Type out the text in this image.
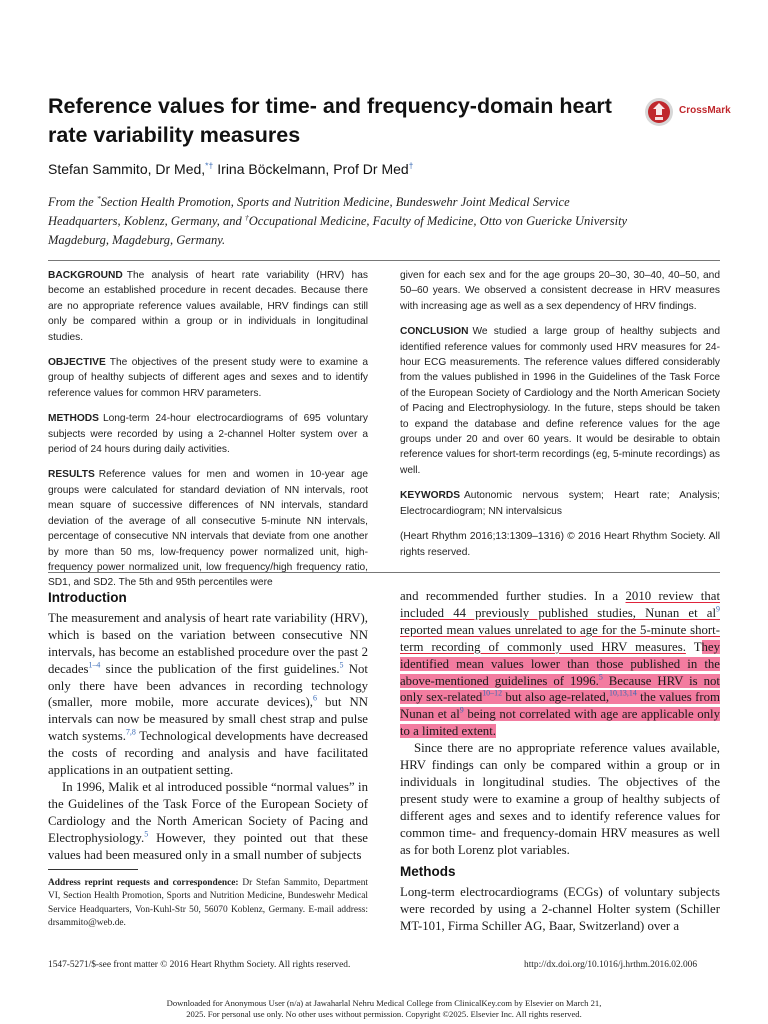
Reference values for time- and frequency-domain heart rate variability measures
CrossMark
Stefan Sammito, Dr Med,*† Irina Böckelmann, Prof Dr Med†
From the *Section Health Promotion, Sports and Nutrition Medicine, Bundeswehr Joint Medical Service Headquarters, Koblenz, Germany, and †Occupational Medicine, Faculty of Medicine, Otto von Guericke University Magdeburg, Magdeburg, Germany.

BACKGROUND The analysis of heart rate variability (HRV) has become an established procedure in recent decades. Because there are no appropriate reference values available, HRV findings can still only be compared within a group or in individuals in longitudinal studies.

OBJECTIVE The objectives of the present study were to examine a group of healthy subjects of different ages and sexes and to identify reference values for common HRV parameters.

METHODS Long-term 24-hour electrocardiograms of 695 voluntary subjects were recorded by using a 2-channel Holter system over a period of 24 hours during daily activities.

RESULTS Reference values for men and women in 10-year age groups were calculated for standard deviation of NN intervals, root mean square of successive differences of NN intervals, standard deviation of the average of all consecutive 5-minute NN intervals, percentage of consecutive NN intervals that deviate from one another by more than 50 ms, low-frequency power normalized unit, high-frequency power normalized unit, low frequency/high frequency ratio, SD1, and SD2. The 5th and 95th percentiles were

given for each sex and for the age groups 20–30, 30–40, 40–50, and 50–60 years. We observed a consistent decrease in HRV measures with increasing age as well as a sex dependency of HRV findings.

CONCLUSION We studied a large group of healthy subjects and identified reference values for commonly used HRV measures for 24-hour ECG measurements. The reference values differed considerably from the values published in 1996 in the Guidelines of the Task Force of the European Society of Cardiology and the North American Society of Pacing and Electrophysiology. In the future, steps should be taken to expand the database and define reference values for the age groups under 20 and over 60 years. It would be desirable to obtain reference values for short-term recordings (eg, 5-minute recordings) as well.

KEYWORDS Autonomic nervous system; Heart rate; Analysis; Electrocardiogram; NN intervalsicus

(Heart Rhythm 2016;13:1309–1316) © 2016 Heart Rhythm Society. All rights reserved.

Introduction

The measurement and analysis of heart rate variability (HRV), which is based on the variation between consecutive NN intervals, has become an established procedure over the past 2 decades$^{1-4}$ since the publication of the first guidelines.$^5$ Not only there have been advances in recording technology (smaller, more mobile, more accurate devices),$^6$ but NN intervals can now be measured by small chest strap and pulse watch systems.$^{7,8}$ Technological developments have decreased the costs of recording and analysis and have facilitated applications in an outpatient setting.

In 1996, Malik et al introduced possible “normal values” in the Guidelines of the Task Force of the European Society of Cardiology and the North American Society of Pacing and Electrophysiology.$^5$ However, they pointed out that these values had been measured only in a small number of subjects

and recommended further studies. In a 2010 review that included 44 previously published studies, Nunan et al$^9$ reported mean values unrelated to age for the 5-minute short-term recording of commonly used HRV measures. They identified mean values lower than those published in the above-mentioned guidelines of 1996.$^5$ Because HRV is not only sex-related$^{10-12}$ but also age-related,$^{10,13,14}$ the values from Nunan et al$^9$ being not correlated with age are applicable only to a limited extent.

Since there are no appropriate reference values available, HRV findings can only be compared within a group or in individuals in longitudinal studies. The objectives of the present study were to examine a group of healthy subjects of different ages and sexes and to identify reference values for common time- and frequency-domain HRV measures as well as for both Lorenz plot variables.

Methods

Long-term electrocardiograms (ECGs) of voluntary subjects were recorded by using a 2-channel Holter system (Schiller MT-101, Firma Schiller AG, Baar, Switzerland) over a

Address reprint requests and correspondence: Dr Stefan Sammito, Department VI, Section Health Promotion, Sports and Nutrition Medicine, Bundeswehr Medical Service Headquarters, Von-Kuhl-Str 50, 56070 Koblenz, Germany. E-mail address: drsammito@web.de.
1547-5271/$-see front matter © 2016 Heart Rhythm Society. All rights reserved.	http://dx.doi.org/10.1016/j.hrthm.2016.02.006
Downloaded for Anonymous User (n/a) at Jawaharlal Nehru Medical College from ClinicalKey.com by Elsevier on March 21,
2025. For personal use only. No other uses without permission. Copyright ©2025. Elsevier Inc. All rights reserved.
